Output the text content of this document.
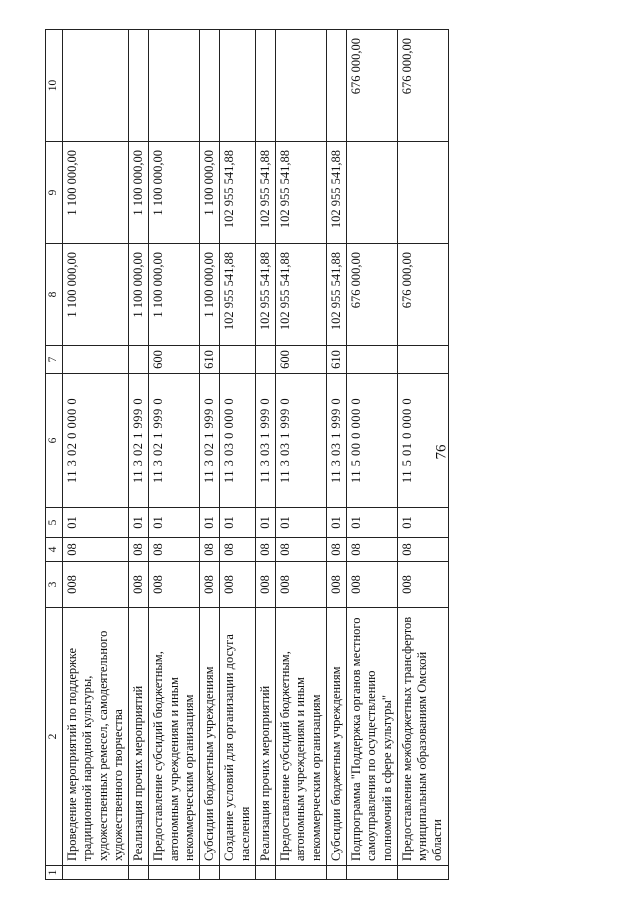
76
1	2	3	4	5	6	7	8	9	10
	Проведение мероприятий по поддержке традиционной народной культуры, художественных ремесел, самодеятельного художественного творчества	008	08	01	11 3 02 0 000 0		1 100 000,00	1 100 000,00	
	Реализация прочих мероприятий	008	08	01	11 3 02 1 999 0		1 100 000,00	1 100 000,00	
	Предоставление субсидий бюджетным, автономным учреждениям и иным некоммерческим организациям	008	08	01	11 3 02 1 999 0	600	1 100 000,00	1 100 000,00	
	Субсидии бюджетным учреждениям	008	08	01	11 3 02 1 999 0	610	1 100 000,00	1 100 000,00	
	Создание условий для организации досуга населения	008	08	01	11 3 03 0 000 0		102 955 541,88	102 955 541,88	
	Реализация прочих мероприятий	008	08	01	11 3 03 1 999 0		102 955 541,88	102 955 541,88	
	Предоставление субсидий бюджетным, автономным учреждениям и иным некоммерческим организациям	008	08	01	11 3 03 1 999 0	600	102 955 541,88	102 955 541,88	
	Субсидии бюджетным учреждениям	008	08	01	11 3 03 1 999 0	610	102 955 541,88	102 955 541,88	
	Подпрограмма "Поддержка органов местного самоуправления по осуществлению полномочий в сфере культуры"	008	08	01	11 5 00 0 000 0		676 000,00		676 000,00
	Предоставление межбюджетных трансфертов муниципальным образованиям Омской области	008	08	01	11 5 01 0 000 0		676 000,00		676 000,00
